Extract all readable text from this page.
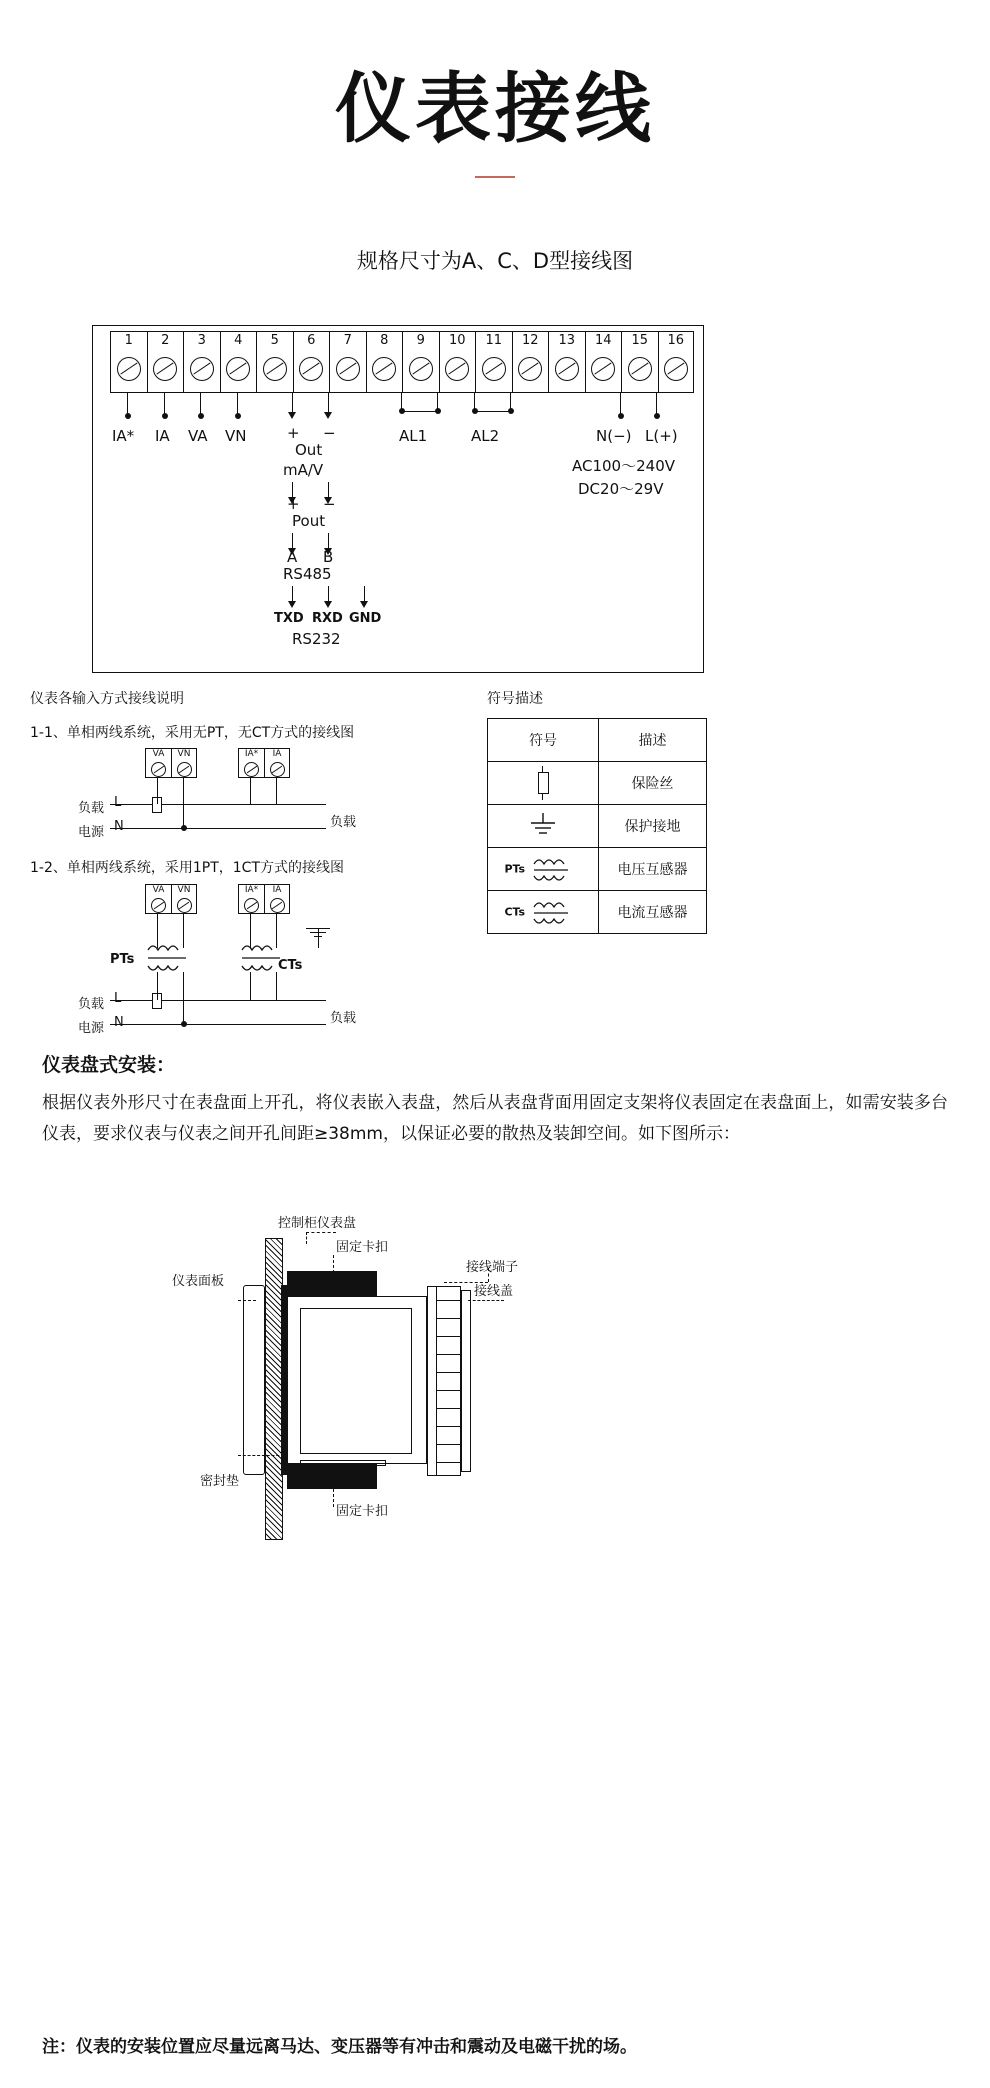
仪表接线
规格尺寸为A、C、D型接线图
1 2 3 4 5 6 7 8 9 10 11 12 13 14 15 16
IA* IA VA VN	+ −
Out
mA/V
+ −
Pout
A B
RS485
TXD RXD GND
RS232
AL1	AL2	N(−) L(+)
AC100～240V
DC20～29V
仪表各输入方式接线说明	符号描述
1-1、单相两线系统，采用无PT，无CT方式的接线图
VA VN	IA* IA
负载
电源
L
N	负载
1-2、单相两线系统，采用1PT，1CT方式的接线图
VA VN	IA* IA
PTs	CTs
负载
电源
L
N	负载
符号	描述

	保险丝
	保护接地
PTs	电压互感器
CTs	电流互感器
仪表盘式安装：
根据仪表外形尺寸在表盘面上开孔，将仪表嵌入表盘，然后从表盘背面用固定支架将仪表固定在表盘面上，如需安装多台仪表，要求仪表与仪表之间开孔间距≥38mm，以保证必要的散热及装卸空间。如下图所示：
控制柜仪表盘
固定卡扣
接线端子
接线盖
仪表面板
密封垫
固定卡扣
注：仪表的安装位置应尽量远离马达、变压器等有冲击和震动及电磁干扰的场。
